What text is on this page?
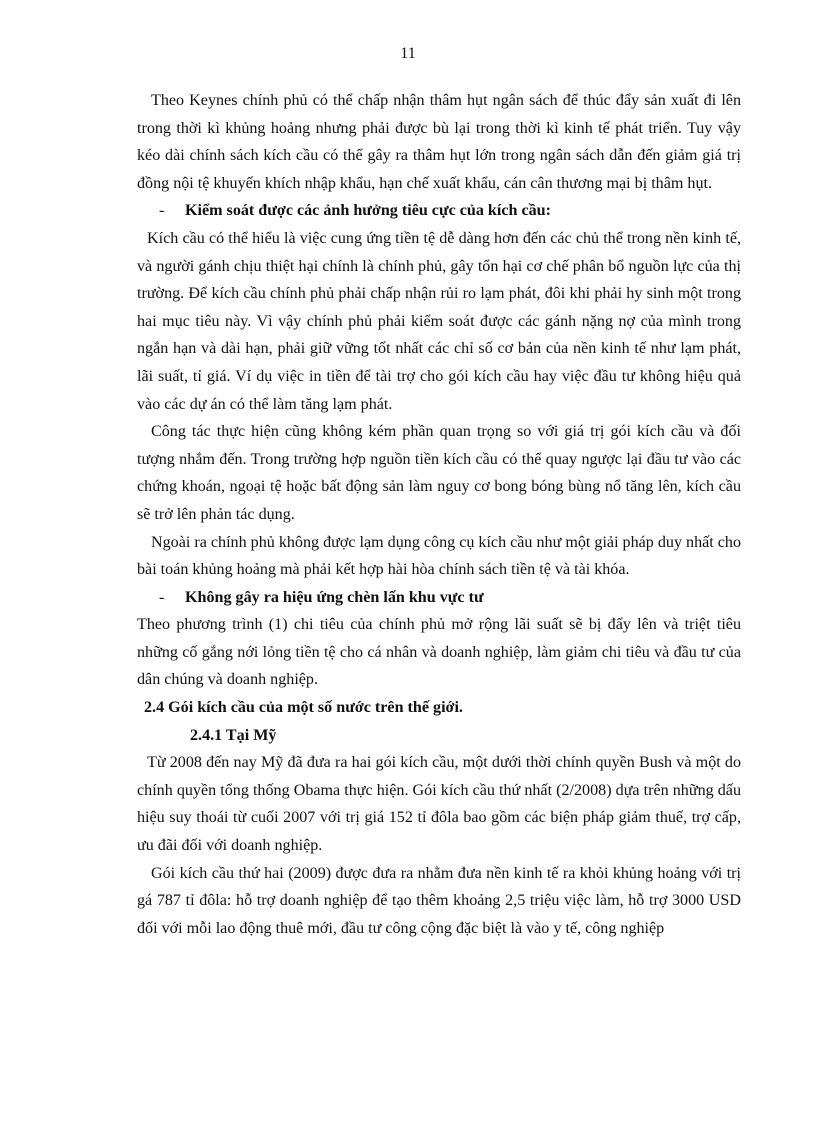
11

Theo Keynes chính phủ có thể chấp nhận thâm hụt ngân sách để thúc đẩy sản xuất đi lên trong thời kì khủng hoảng nhưng phải được bù lại trong thời kì kinh tế phát triển. Tuy vậy kéo dài chính sách kích cầu có thể gây ra thâm hụt lớn trong ngân sách dẫn đến giảm giá trị đồng nội tệ khuyến khích nhập khẩu, hạn chế xuất khẩu, cán cân thương mại bị thâm hụt.

- Kiểm soát được các ảnh hưởng tiêu cực của kích cầu:

Kích cầu có thể hiểu là việc cung ứng tiền tệ dễ dàng hơn đến các chủ thể trong nền kinh tế, và người gánh chịu thiệt hại chính là chính phủ, gây tổn hại cơ chế phân bổ nguồn lực của thị trường. Để kích cầu chính phủ phải chấp nhận rủi ro lạm phát, đôi khi phải hy sinh một trong hai mục tiêu này. Vì vậy chính phủ phải kiểm soát được các gánh nặng nợ của mình trong ngắn hạn và dài hạn, phải giữ vững tốt nhất các chỉ số cơ bản của nền kinh tế như lạm phát, lãi suất, tỉ giá. Ví dụ việc in tiền để tài trợ cho gói kích cầu hay việc đầu tư không hiệu quả vào các dự án có thể làm tăng lạm phát.

Công tác thực hiện cũng không kém phần quan trọng so với giá trị gói kích cầu và đối tượng nhắm đến. Trong trường hợp nguồn tiền kích cầu có thể quay ngược lại đầu tư vào các chứng khoán, ngoại tệ hoặc bất động sản làm nguy cơ bong bóng bùng nổ tăng lên, kích cầu sẽ trở lên phản tác dụng.

Ngoài ra chính phủ không được lạm dụng công cụ kích cầu như một giải pháp duy nhất cho bài toán khủng hoảng mà phải kết hợp hài hòa chính sách tiền tệ và tài khóa.

- Không gây ra hiệu ứng chèn lấn khu vực tư

Theo phương trình (1) chi tiêu của chính phủ mở rộng lãi suất sẽ bị đẩy lên và triệt tiêu những cố gắng nới lỏng tiền tệ cho cá nhân và doanh nghiệp, làm giảm chi tiêu và đầu tư của dân chúng và doanh nghiệp.

2.4 Gói kích cầu của một số nước trên thế giới.

2.4.1 Tại Mỹ

Từ 2008 đến nay Mỹ đã đưa ra hai gói kích cầu, một dưới thời chính quyền Bush và một do chính quyền tổng thống Obama thực hiện. Gói kích cầu thứ nhất (2/2008) dựa trên những dấu hiệu suy thoái từ cuối 2007 với trị giá 152 tỉ đôla bao gồm các biện pháp giảm thuế, trợ cấp, ưu đãi đối với doanh nghiệp.

Gói kích cầu thứ hai (2009) được đưa ra nhằm đưa nền kinh tế ra khỏi khủng hoảng với trị gá 787 tỉ đôla: hỗ trợ doanh nghiệp để tạo thêm khoảng 2,5 triệu việc làm, hỗ trợ 3000 USD đối với mỗi lao động thuê mới, đầu tư công cộng đặc biệt là vào y tế, công nghiệp
